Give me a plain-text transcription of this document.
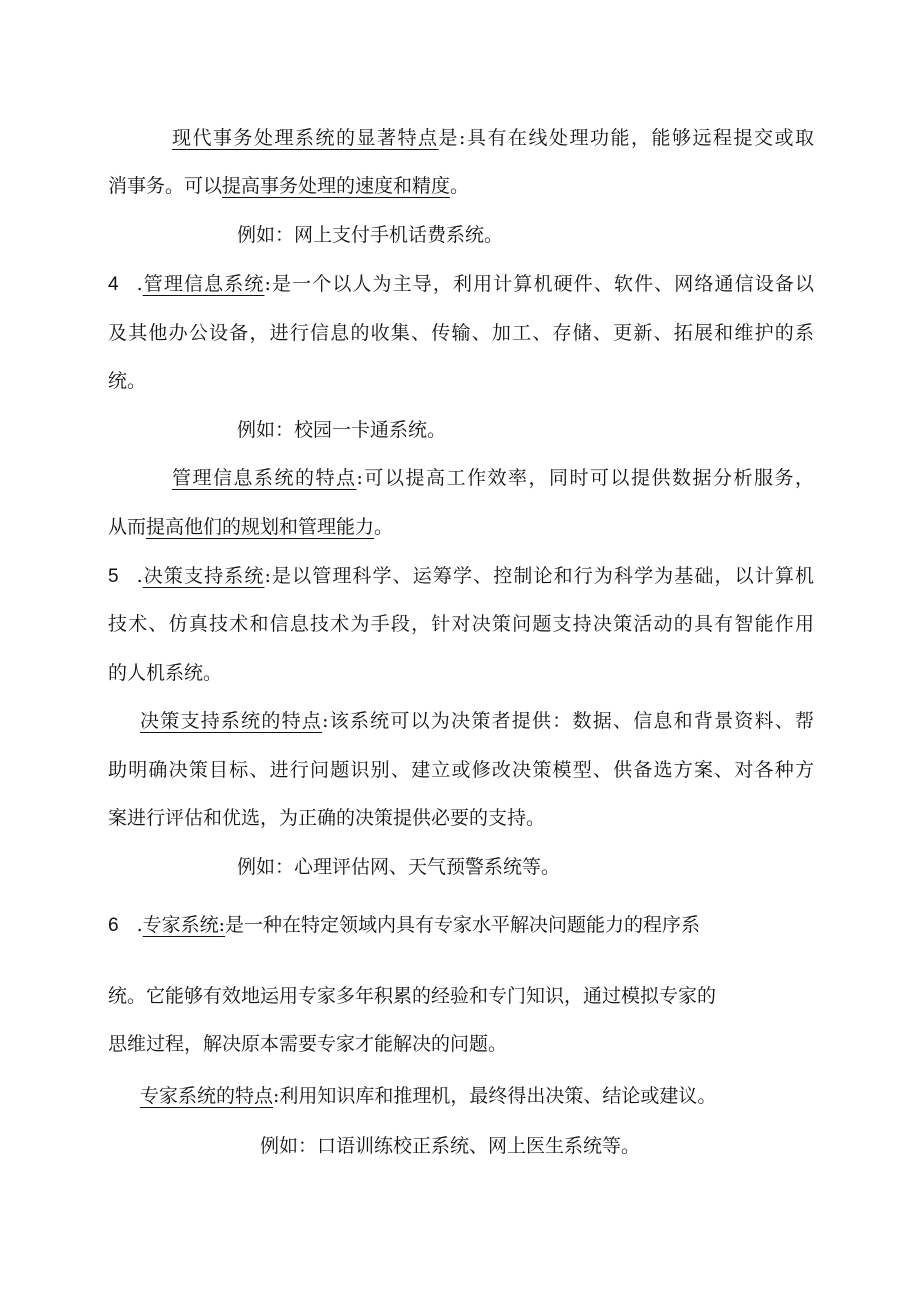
现代事务处理系统的显著特点是:具有在线处理功能，能够远程提交或取
消事务。可以提高事务处理的速度和精度。
例如：网上支付手机话费系统。
4 .管理信息系统:是一个以人为主导，利用计算机硬件、软件、网络通信设备以
及其他办公设备，进行信息的收集、传输、加工、存储、更新、拓展和维护的系
统。
例如：校园一卡通系统。
管理信息系统的特点:可以提高工作效率，同时可以提供数据分析服务，
从而提高他们的规划和管理能力。
5 .决策支持系统:是以管理科学、运筹学、控制论和行为科学为基础，以计算机
技术、仿真技术和信息技术为手段，针对决策问题支持决策活动的具有智能作用
的人机系统。
决策支持系统的特点:该系统可以为决策者提供：数据、信息和背景资料、帮
助明确决策目标、进行问题识别、建立或修改决策模型、供备选方案、对各种方
案进行评估和优选，为正确的决策提供必要的支持。
例如：心理评估网、天气预警系统等。
6 .专家系统:是一种在特定领域内具有专家水平解决问题能力的程序系
统。它能够有效地运用专家多年积累的经验和专门知识，通过模拟专家的
思维过程，解决原本需要专家才能解决的问题。
专家系统的特点:利用知识库和推理机，最终得出决策、结论或建议。
例如：口语训练校正系统、网上医生系统等。
